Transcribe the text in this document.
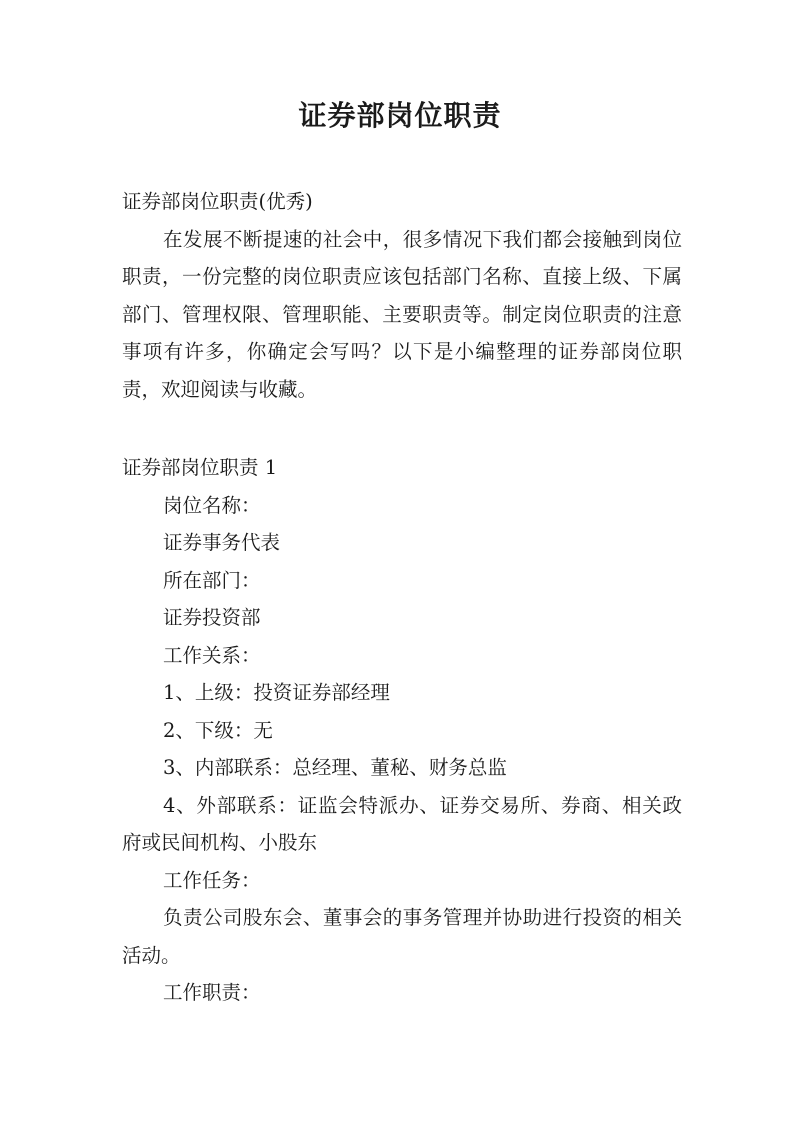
证券部岗位职责

证券部岗位职责(优秀)

在发展不断提速的社会中，很多情况下我们都会接触到岗位职责，一份完整的岗位职责应该包括部门名称、直接上级、下属部门、管理权限、管理职能、主要职责等。制定岗位职责的注意事项有许多，你确定会写吗？以下是小编整理的证券部岗位职责，欢迎阅读与收藏。

证券部岗位职责 1

岗位名称：

证券事务代表

所在部门：

证券投资部

工作关系：

1、上级：投资证券部经理

2、下级：无

3、内部联系：总经理、董秘、财务总监

4、外部联系：证监会特派办、证券交易所、券商、相关政府或民间机构、小股东

工作任务：

负责公司股东会、董事会的事务管理并协助进行投资的相关活动。

工作职责：
